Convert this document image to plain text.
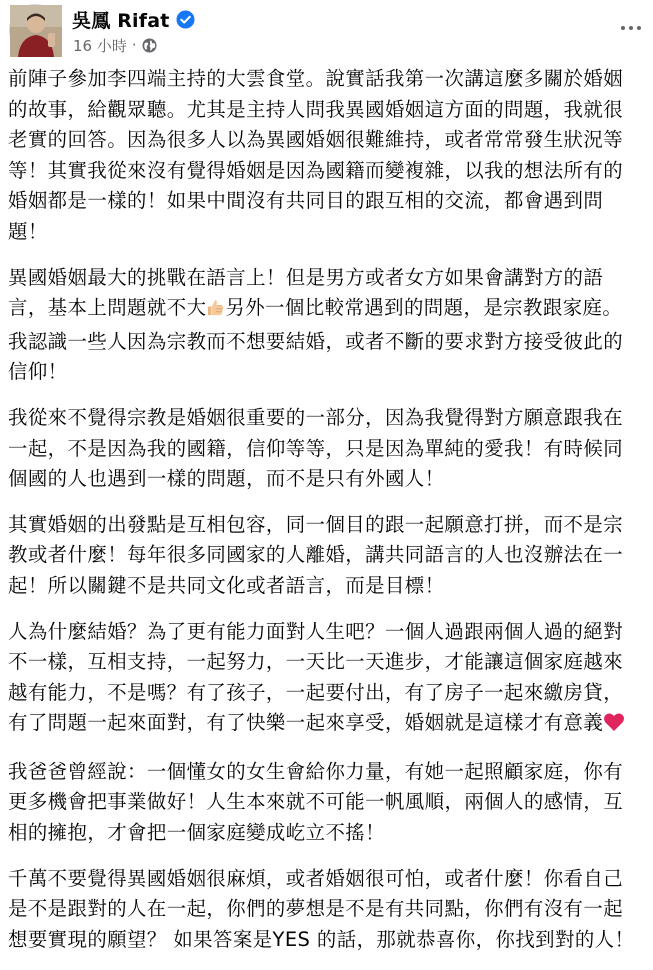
吳鳳 Rifat
16 小時 ·

前陣子參加李四端主持的大雲食堂。說實話我第一次講這麼多關於婚姻
的故事，給觀眾聽。尤其是主持人問我異國婚姻這方面的問題，我就很
老實的回答。因為很多人以為異國婚姻很難維持，或者常常發生狀況等
等！其實我從來沒有覺得婚姻是因為國籍而變複雜，以我的想法所有的
婚姻都是一樣的！如果中間沒有共同目的跟互相的交流，都會遇到問
題！

異國婚姻最大的挑戰在語言上！但是男方或者女方如果會講對方的語
言，基本上問題就不大 另外一個比較常遇到的問題，是宗教跟家庭。
我認識一些人因為宗教而不想要結婚，或者不斷的要求對方接受彼此的
信仰！

我從來不覺得宗教是婚姻很重要的一部分，因為我覺得對方願意跟我在
一起，不是因為我的國籍，信仰等等，只是因為單純的愛我！有時候同
個國的人也遇到一樣的問題，而不是只有外國人！

其實婚姻的出發點是互相包容，同一個目的跟一起願意打拼，而不是宗
教或者什麼！每年很多同國家的人離婚，講共同語言的人也沒辦法在一
起！所以關鍵不是共同文化或者語言，而是目標！

人為什麼結婚？為了更有能力面對人生吧？一個人過跟兩個人過的絕對
不一樣，互相支持，一起努力，一天比一天進步，才能讓這個家庭越來
越有能力，不是嗎？有了孩子，一起要付出，有了房子一起來繳房貸，
有了問題一起來面對，有了快樂一起來享受，婚姻就是這樣才有意義

我爸爸曾經說：一個懂女的女生會給你力量，有她一起照顧家庭，你有
更多機會把事業做好！人生本來就不可能一帆風順，兩個人的感情，互
相的擁抱，才會把一個家庭變成屹立不搖！

千萬不要覺得異國婚姻很麻煩，或者婚姻很可怕，或者什麼！你看自己
是不是跟對的人在一起，你們的夢想是不是有共同點，你們有沒有一起
想要實現的願望？ 如果答案是YES 的話，那就恭喜你，你找到對的人！
